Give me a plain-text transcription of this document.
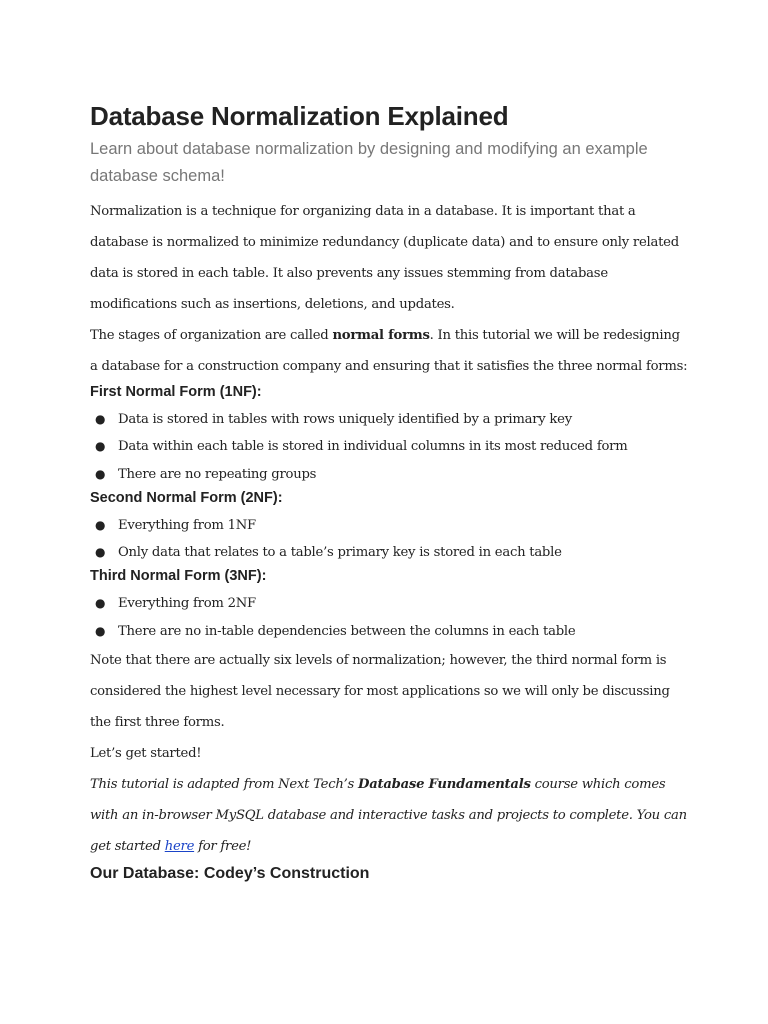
Database Normalization Explained

Learn about database normalization by designing and modifying an example database schema!

Normalization is a technique for organizing data in a database. It is important that a database is normalized to minimize redundancy (duplicate data) and to ensure only related data is stored in each table. It also prevents any issues stemming from database modifications such as insertions, deletions, and updates.

The stages of organization are called normal forms. In this tutorial we will be redesigning a database for a construction company and ensuring that it satisfies the three normal forms:

First Normal Form (1NF):
● Data is stored in tables with rows uniquely identified by a primary key
● Data within each table is stored in individual columns in its most reduced form
● There are no repeating groups
Second Normal Form (2NF):
● Everything from 1NF
● Only data that relates to a table’s primary key is stored in each table
Third Normal Form (3NF):
● Everything from 2NF
● There are no in-table dependencies between the columns in each table

Note that there are actually six levels of normalization; however, the third normal form is considered the highest level necessary for most applications so we will only be discussing the first three forms.

Let’s get started!

This tutorial is adapted from Next Tech’s Database Fundamentals course which comes with an in-browser MySQL database and interactive tasks and projects to complete. You can get started here for free!

Our Database: Codey’s Construction
